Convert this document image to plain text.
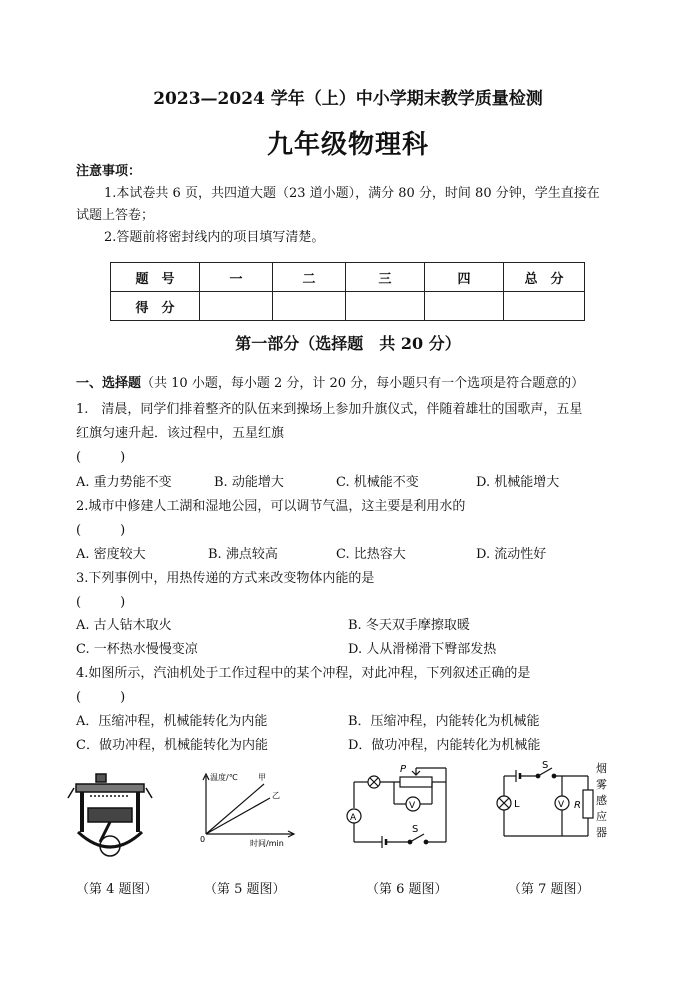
2023—2024 学年（上）中小学期末教学质量检测
九年级物理科
注意事项：
1.本试卷共 6 页，共四道大题（23 道小题），满分 80 分，时间 80 分钟，学生直接在
试题上答卷；
2.答题前将密封线内的项目填写清楚。
题　号	一	二	三	四	总　分
得　分					
第一部分（选择题　共 20 分）
一、选择题（共 10 小题，每小题 2 分，计 20 分，每小题只有一个选项是符合题意的）
1.　清晨，同学们排着整齐的队伍来到操场上参加升旗仪式，伴随着雄壮的国歌声，五星
红旗匀速升起．该过程中，五星红旗
(　　　)
A. 重力势能不变	B. 动能增大	C. 机械能不变	D. 机械能增大
2.城市中修建人工湖和湿地公园，可以调节气温，这主要是利用水的
(　　　)
A. 密度较大	B. 沸点较高	C. 比热容大	D. 流动性好
3.下列事例中，用热传递的方式来改变物体内能的是
(　　　)
A. 古人钻木取火	B. 冬天双手摩擦取暖
C. 一杯热水慢慢变凉	D. 人从滑梯滑下臀部发热
4.如图所示，汽油机处于工作过程中的某个冲程，对此冲程，下列叙述正确的是
(　　　)
A．压缩冲程，机械能转化为内能	B．压缩冲程，内能转化为机械能
C．做功冲程，机械能转化为内能	D．做功冲程，内能转化为机械能
温度/℃	甲
乙
0	时间/min
P
V
A
S
S
L	V R
烟
雾
感
应
器
（第 4 题图）	（第 5 题图）	（第 6 题图）	（第 7 题图）
